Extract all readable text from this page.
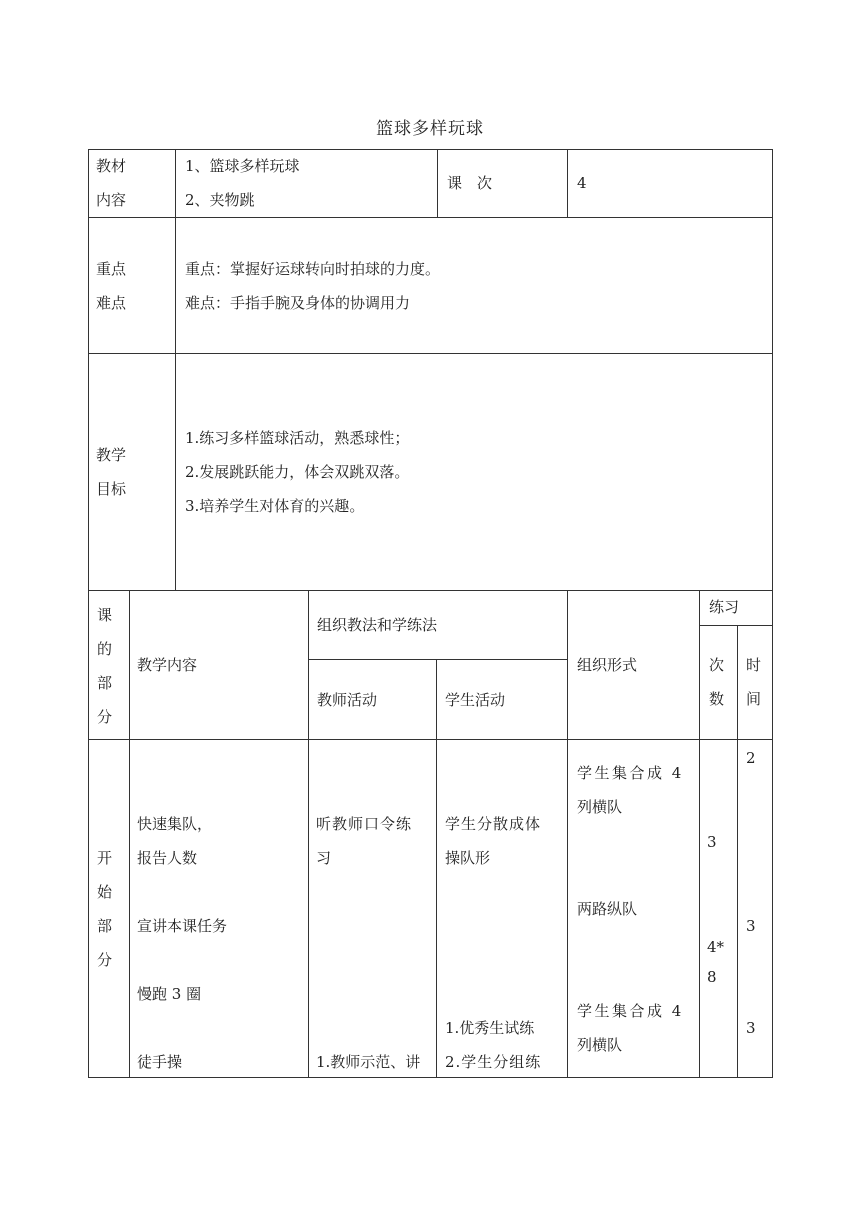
篮球多样玩球
教材
内容
1、篮球多样玩球
2、夹物跳
课　次	4
重点
难点
重点：掌握好运球转向时拍球的力度。
难点：手指手腕及身体的协调用力
教学
目标
1.练习多样篮球活动，熟悉球性；
2.发展跳跃能力，体会双跳双落。
3.培养学生对体育的兴趣。
课
的
部
分
教学内容
组织教法和学练法
教师活动	学生活动
组织形式
练习
次
数
时
间
开
始
部
分
快速集队，
报告人数
宣讲本课任务
慢跑 3 圈
徒手操
听教师口令练
习
1.教师示范、讲
学生分散成体
操队形
1.优秀生试练
2.学生分组练
学生集合成 4
列横队
两路纵队
学生集合成 4
列横队
3
4*
8
2
3
3
